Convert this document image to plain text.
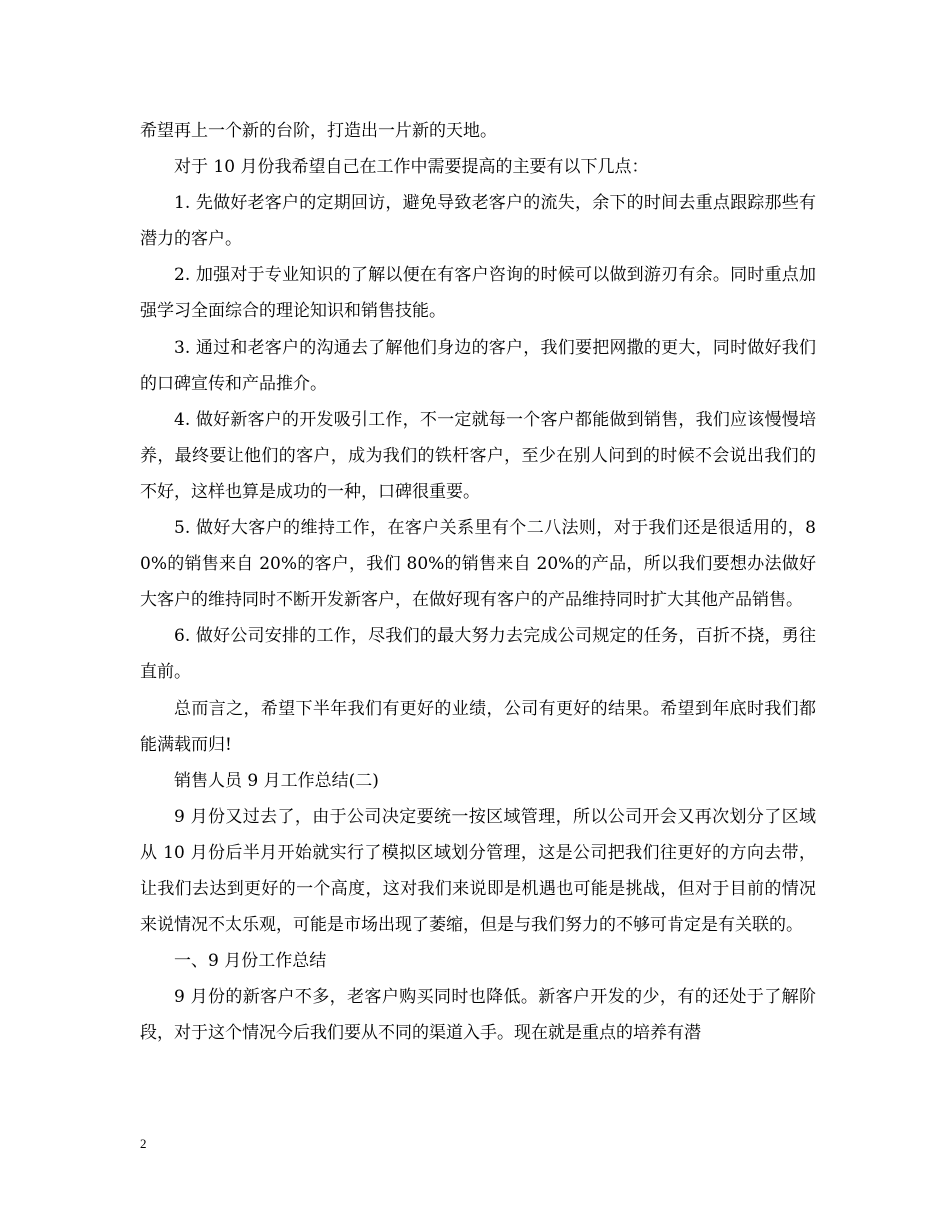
希望再上一个新的台阶，打造出一片新的天地。

对于 10 月份我希望自己在工作中需要提高的主要有以下几点：

1. 先做好老客户的定期回访，避免导致老客户的流失，余下的时间去重点跟踪那些有潜力的客户。

2. 加强对于专业知识的了解以便在有客户咨询的时候可以做到游刃有余。同时重点加强学习全面综合的理论知识和销售技能。

3. 通过和老客户的沟通去了解他们身边的客户，我们要把网撒的更大，同时做好我们的口碑宣传和产品推介。

4. 做好新客户的开发吸引工作，不一定就每一个客户都能做到销售，我们应该慢慢培养，最终要让他们的客户，成为我们的铁杆客户，至少在别人问到的时候不会说出我们的不好，这样也算是成功的一种，口碑很重要。

5. 做好大客户的维持工作，在客户关系里有个二八法则，对于我们还是很适用的，80%的销售来自 20%的客户，我们 80%的销售来自 20%的产品，所以我们要想办法做好大客户的维持同时不断开发新客户，在做好现有客户的产品维持同时扩大其他产品销售。

6. 做好公司安排的工作，尽我们的最大努力去完成公司规定的任务，百折不挠，勇往直前。

总而言之，希望下半年我们有更好的业绩，公司有更好的结果。希望到年底时我们都能满载而归!

销售人员 9 月工作总结(二)

9 月份又过去了，由于公司决定要统一按区域管理，所以公司开会又再次划分了区域从 10 月份后半月开始就实行了模拟区域划分管理，这是公司把我们往更好的方向去带，让我们去达到更好的一个高度，这对我们来说即是机遇也可能是挑战，但对于目前的情况来说情况不太乐观，可能是市场出现了萎缩，但是与我们努力的不够可肯定是有关联的。

一、9 月份工作总结

9 月份的新客户不多，老客户购买同时也降低。新客户开发的少，有的还处于了解阶段，对于这个情况今后我们要从不同的渠道入手。现在就是重点的培养有潜

2
